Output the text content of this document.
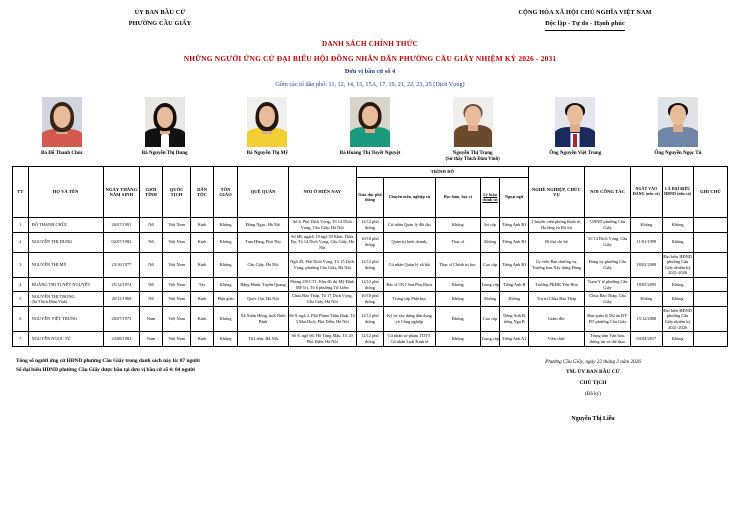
ỦY BAN BẦU CỬ
PHƯỜNG CẦU GIẤY
CỘNG HÒA XÃ HỘI CHỦ NGHĨA VIỆT NAM
Độc lập - Tự do - Hạnh phúc
DANH SÁCH CHÍNH THỨC
NHỮNG NGƯỜI ỨNG CỬ ĐẠI BIỂU HỘI ĐỒNG NHÂN DÂN PHƯỜNG CẦU GIẤY NHIỆM KỲ 2026 - 2031
Đơn vị bầu cử số 4
Gồm các tổ dân phố: 11, 12, 14, 15, 15A, 17, 19, 21, 22, 23, 25 (Dịch Vọng)
Bà Đỗ Thanh Chúc	Bà Nguyễn Thị Dung	Bà Nguyễn Thị Mỹ	Bà Hoàng Thị Tuyết Nguyệt	Nguyễn Thị Trọng
(Sư thầy Thích Đàm Vinh)
Ông Nguyễn Việt Trung	Ông Nguyễn Ngọc Tú
TT	HỌ VÀ TÊN	NGÀY THÁNG NĂM SINH	GIỚI TÍNH	QUỐC TỊCH	DÂN TỘC	TÔN GIÁO	QUÊ QUÁN	NƠI Ở HIỆN NAY	TRÌNH ĐỘ					NGHỀ NGHIỆP, CHỨC VỤ	NƠI CÔNG TÁC	NGÀY VÀO ĐẢNG (nếu có)	LÀ ĐẠI BIỂU HĐND (nếu có)	GHI CHÚ
									Giáo dục phổ thông	Chuyên môn, nghiệp vụ	Học hàm, học vị	Lý luận chính trị	Ngoại ngữ					
1	ĐỖ THANH CHÚC	26/07/1991	Nữ	Việt Nam	Kinh	Không	Đông Ngạc, Hà Nội	Số 6, Phố Dịch Vọng, Tổ 14 Dịch Vọng, Cầu Giấy, Hà Nội	12/12 phổ thông	Cử nhân Quản lý đất đai	Không	Sơ cấp	Tiếng Anh B1	Chuyên viên phòng Kinh tế, Hạ tầng và Đô thị	UBND phường Cầu Giấy	Không	Không	
2	NGUYỄN THỊ DUNG	02/07/1982	Nữ	Việt Nam	Kinh	Không	Tam Hồng, Phú Thọ	Số 6B, ngách 10 ngõ 59 Khúc Thừa Dụ, Tổ 14 Dịch Vọng, Cầu Giấy, Hà Nội	10/10 phổ thông	Quản trị kinh doanh,	Thạc sĩ	Không	Tiếng Anh B1	Bí thư chi bộ	Tổ 14 Dịch Vọng, Cầu Giấy	11/01/1999	Không	
3	NGUYỄN THỊ MỸ	23/10/1977	Nữ	Việt Nam	Kinh	Không	Cầu Giấy, Hà Nội	Ngõ 29, Phố Dịch Vọng, Tổ 15 Dịch Vọng, phường Cầu Giấy, Hà Nội	12/12 phổ thông	Cử nhân Quản lý xã hội	Thạc sĩ Chính trị học	Cao cấp	Tiếng Anh B1	Ủy viên Ban thường vụ, Trưởng ban Xây dựng Đảng	Đảng ủy phường Cầu Giấy	18/02/2008	Đại biểu HĐND phường Cầu Giấy nhiệm kỳ 2021-2026	
4	HOÀNG THỊ TUYẾT NGUYỆT	25/12/1974	Nữ	Việt Nam	Tày	Không	Bằng Hành, Tuyên Quang	Phòng 201CT1, Khu đô thị Mỹ Đình Mễ Trì, Tổ 6 phường Từ Liêm	12/12 phổ thông	Bác sĩ CK1 Sản Phụ Khoa	Không	Trung cấp	Tiếng Anh B	Trưởng PKĐK Yên Hòa	Trạm Y tế phường Cầu Giấy	18/05/2005	Không	
5	NGUYỄN THỊ TRỌNG
(Sư Thích Đàm Vinh)	20/11/1968	Nữ	Việt Nam	Kinh	Phật giáo	Quốc Oai, Hà Nội	Chùa Bảo Tháp, Tổ 17 Dịch Vọng, Cầu Giấy, Hà Nội	10/10 phổ thông	Trung cấp Phật học	Không	Không	Không	Trụ trì Chùa Bảo Tháp	Chùa Bảo Tháp, Cầu Giấy	Không	Không	
6	NGUYỄN VIỆT TRUNG	26/07/1973	Nam	Việt Nam	Kinh	Không	Xã Xuân Hồng, tỉnh Ninh Bình	Số 9, ngõ 2, Phố Phạm Thận Duật, Tổ 3 Mai Dịch, Phú Diễn, Hà Nội	12/12 phổ thông	Kỹ sư xây dựng dân dụng và Công nghiệp	Không	Cao cấp	Tiếng Anh B, tiếng Nga B	Giám đốc	Ban quản lý Dự án ĐT-ĐT phường Cầu Giấy	15/12/2008	Đại biểu HĐND phường Cầu Giấy nhiệm kỳ 2021-2026	
7	NGUYỄN NGỌC TÚ	23/08/1982	Nam	Việt Nam	Kinh	Không	Từ Liêm, Hà Nội	Số 8, ngõ 66, Hồ Tùng Mậu, Tổ 20 Phú Diễn, Hà Nội	12/12 phổ thông	Cử nhân sư phạm TDTT, Cử nhân Luật Kinh tế	Không	Trung cấp	Tiếng Anh A2	Viên chức	Trung tâm Văn hóa, thông tin và thể thao	03/04/2017	Không	
Tổng số người ứng cử HĐND phường Cầu Giấy trong danh sách này là: 07 người
Số đại biểu HĐND phường Cầu Giấy được bầu tại đơn vị bầu cử số 4: 04 người
Phường Cầu Giấy, ngày 22 tháng 2 năm 2026
TM. ỦY BAN BẦU CỬ
CHỦ TỊCH
(Đã ký)
Nguyễn Thị Liễu
